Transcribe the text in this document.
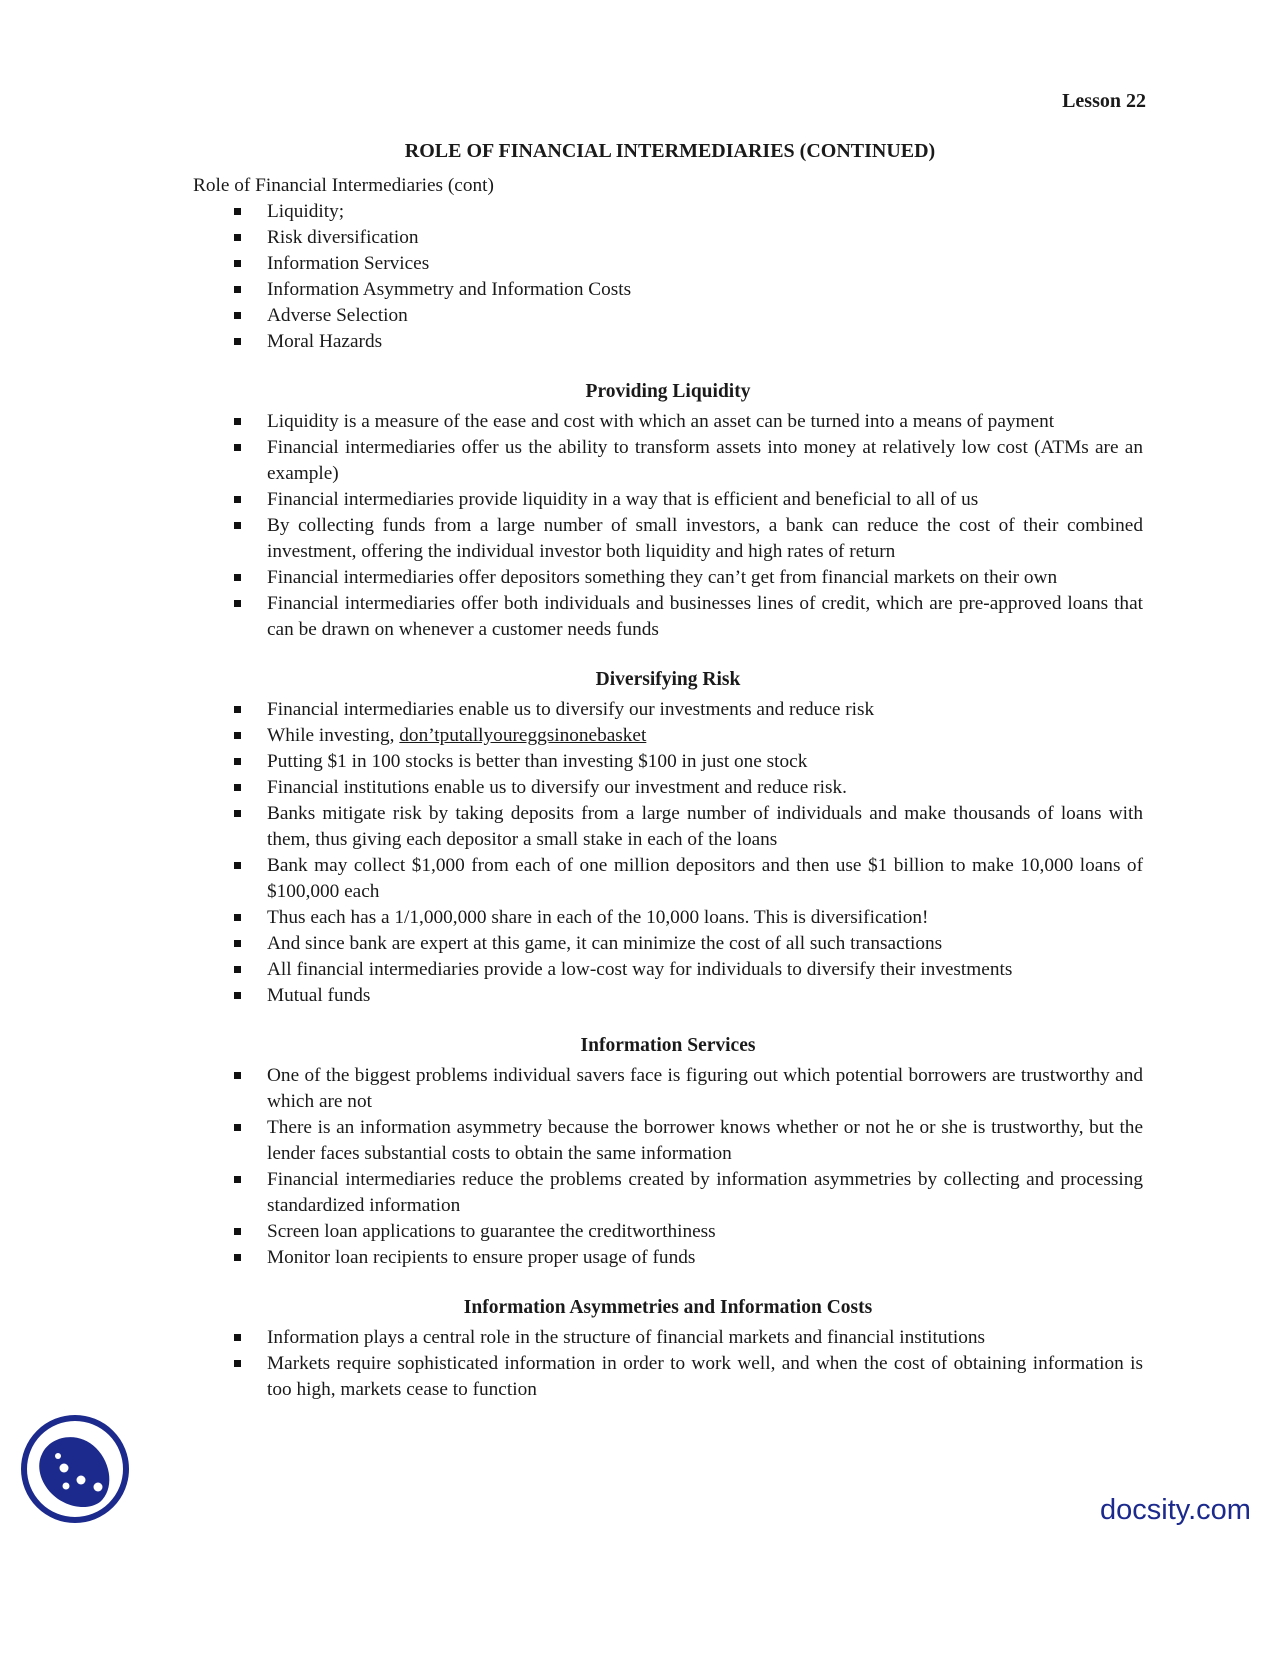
Lesson 22
ROLE OF FINANCIAL INTERMEDIARIES (CONTINUED)

Role of Financial Intermediaries (cont)

Liquidity;
Risk diversification
Information Services
Information Asymmetry and Information Costs
Adverse Selection
Moral Hazards
Providing Liquidity
Liquidity is a measure of the ease and cost with which an asset can be turned into a means of payment
Financial intermediaries offer us the ability to transform assets into money at relatively low cost (ATMs are an example)
Financial intermediaries provide liquidity in a way that is efficient and beneficial to all of us
By collecting funds from a large number of small investors, a bank can reduce the cost of their combined investment, offering the individual investor both liquidity and high rates of return
Financial intermediaries offer depositors something they can’t get from financial markets on their own
Financial intermediaries offer both individuals and businesses lines of credit, which are pre-approved loans that can be drawn on whenever a customer needs funds
Diversifying Risk
Financial intermediaries enable us to diversify our investments and reduce risk
While investing, don’tputallyoureggsinonebasket
Putting $1 in 100 stocks is better than investing $100 in just one stock
Financial institutions enable us to diversify our investment and reduce risk.
Banks mitigate risk by taking deposits from a large number of individuals and make thousands of loans with them, thus giving each depositor a small stake in each of the loans
Bank may collect $1,000 from each of one million depositors and then use $1 billion to make 10,000 loans of $100,000 each
Thus each has a 1/1,000,000 share in each of the 10,000 loans. This is diversification!
And since bank are expert at this game, it can minimize the cost of all such transactions
All financial intermediaries provide a low-cost way for individuals to diversify their investments
Mutual funds
Information Services
One of the biggest problems individual savers face is figuring out which potential borrowers are trustworthy and which are not
There is an information asymmetry because the borrower knows whether or not he or she is trustworthy, but the lender faces substantial costs to obtain the same information
Financial intermediaries reduce the problems created by information asymmetries by collecting and processing standardized information
Screen loan applications to guarantee the creditworthiness
Monitor loan recipients to ensure proper usage of funds
Information Asymmetries and Information Costs
Information plays a central role in the structure of financial markets and financial institutions
Markets require sophisticated information in order to work well, and when the cost of obtaining information is too high, markets cease to function
docsity.com
